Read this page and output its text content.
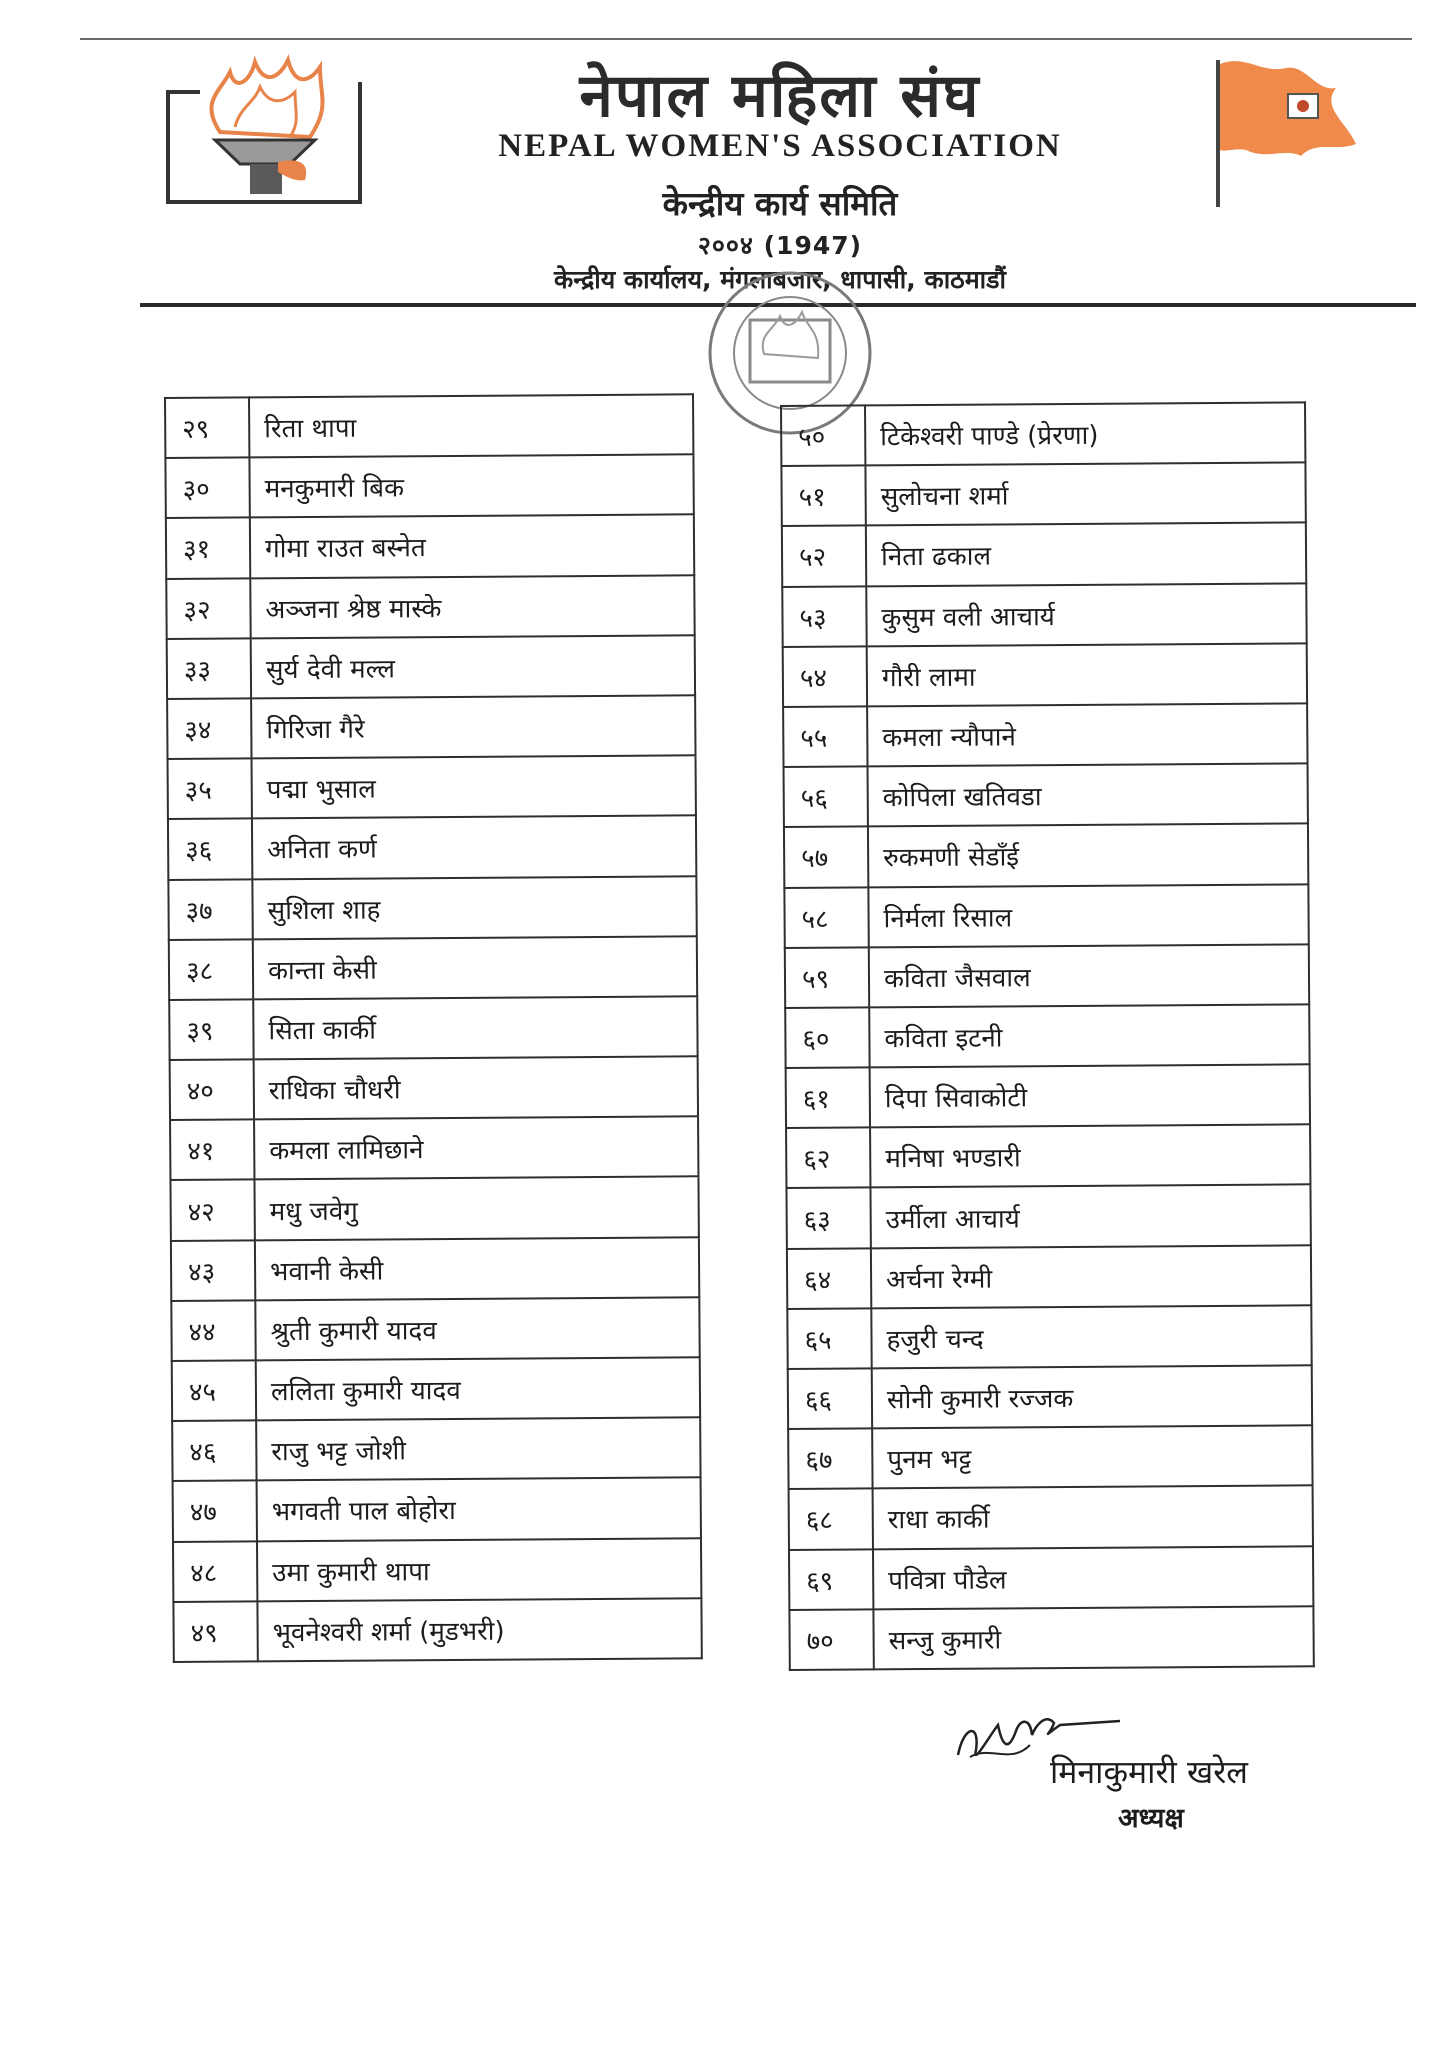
नेपाल महिला संघ
NEPAL WOMEN'S ASSOCIATION
केन्द्रीय कार्य समिति
२००४ (1947)
केन्द्रीय कार्यालय, मंगलाबजार, धापासी, काठमाडौं
२९	रिता थापा
३०	मनकुमारी बिक
३१	गोमा राउत बस्नेत
३२	अञ्जना श्रेष्ठ मास्के
३३	सुर्य देवी मल्ल
३४	गिरिजा गैरे
३५	पद्मा भुसाल
३६	अनिता कर्ण
३७	सुशिला शाह
३८	कान्ता केसी
३९	सिता कार्की
४०	राधिका चौधरी
४१	कमला लामिछाने
४२	मधु जवेगु
४३	भवानी केसी
४४	श्रुती कुमारी यादव
४५	ललिता कुमारी यादव
४६	राजु भट्ट जोशी
४७	भगवती पाल बोहोरा
४८	उमा कुमारी थापा
४९	भूवनेश्वरी शर्मा (मुडभरी)
५०	टिकेश्वरी पाण्डे (प्रेरणा)
५१	सुलोचना शर्मा
५२	निता ढकाल
५३	कुसुम वली आचार्य
५४	गौरी लामा
५५	कमला न्यौपाने
५६	कोपिला खतिवडा
५७	रुकमणी सेडाँई
५८	निर्मला रिसाल
५९	कविता जैसवाल
६०	कविता इटनी
६१	दिपा सिवाकोटी
६२	मनिषा भण्डारी
६३	उर्मीला आचार्य
६४	अर्चना रेग्मी
६५	हजुरी चन्द
६६	सोनी कुमारी रज्जक
६७	पुनम भट्ट
६८	राधा कार्की
६९	पवित्रा पौडेल
७०	सन्जु कुमारी
मिनाकुमारी खरेल
अध्यक्ष
